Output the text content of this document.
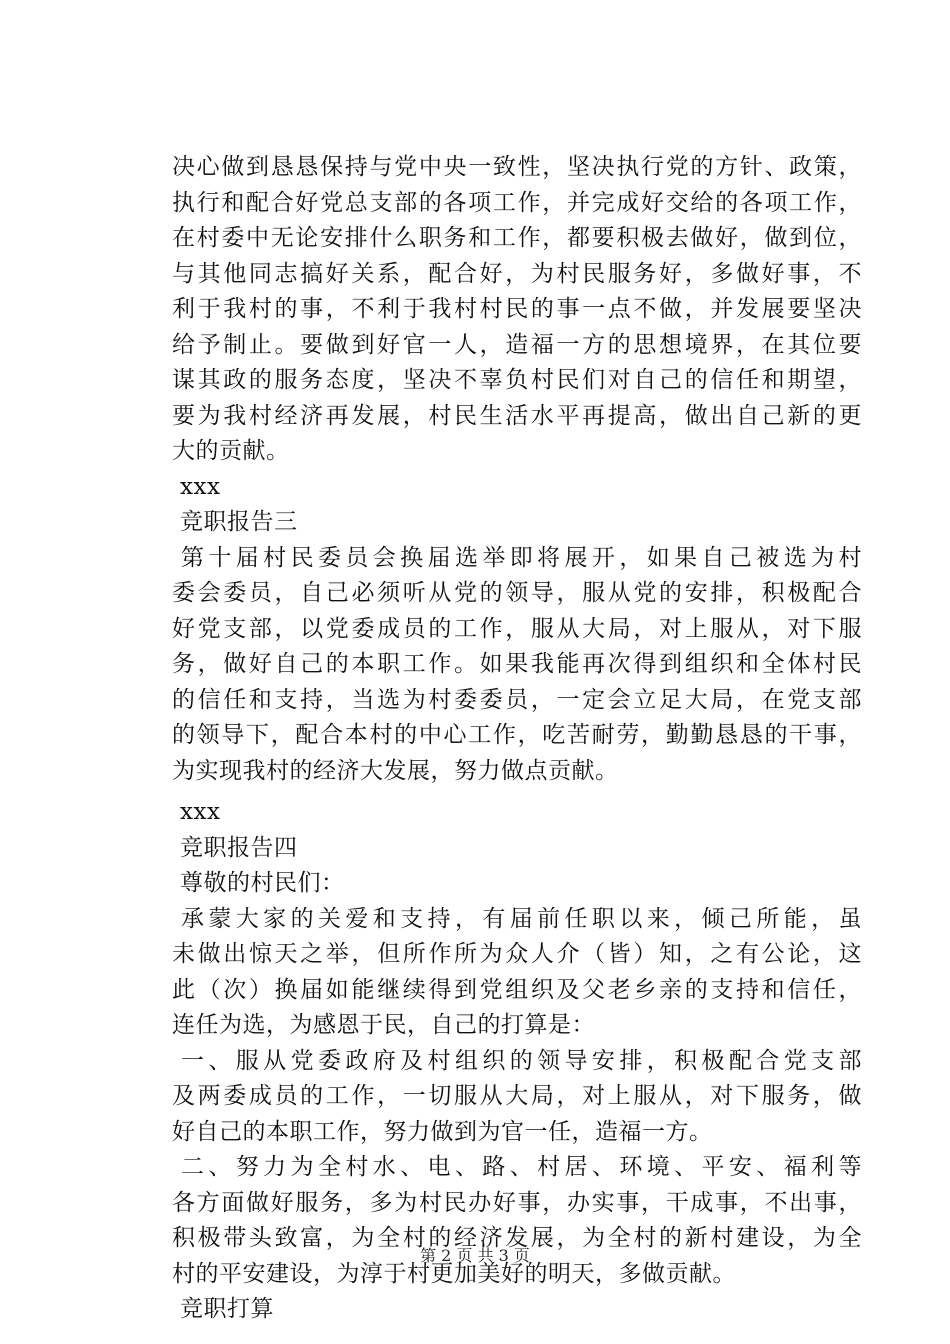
决心做到恳恳保持与党中央一致性，坚决执行党的方针、政策，
执行和配合好党总支部的各项工作，并完成好交给的各项工作，
在村委中无论安排什么职务和工作，都要积极去做好，做到位，
与其他同志搞好关系，配合好，为村民服务好，多做好事，不
利于我村的事，不利于我村村民的事一点不做，并发展要坚决
给予制止。要做到好官一人，造福一方的思想境界，在其位要
谋其政的服务态度，坚决不辜负村民们对自己的信任和期望，
要为我村经济再发展，村民生活水平再提高，做出自己新的更
大的贡献。
xxx
竞职报告三
第十届村民委员会换届选举即将展开，如果自己被选为村
委会委员，自己必须听从党的领导，服从党的安排，积极配合
好党支部，以党委成员的工作，服从大局，对上服从，对下服
务，做好自己的本职工作。如果我能再次得到组织和全体村民
的信任和支持，当选为村委委员，一定会立足大局，在党支部
的领导下，配合本村的中心工作，吃苦耐劳，勤勤恳恳的干事，
为实现我村的经济大发展，努力做点贡献。
xxx
竞职报告四
尊敬的村民们：
承蒙大家的关爱和支持，有届前任职以来，倾己所能，虽
未做出惊天之举，但所作所为众人介（皆）知，之有公论，这
此（次）换届如能继续得到党组织及父老乡亲的支持和信任，
连任为选，为感恩于民，自己的打算是：
第 2 页 共 3 页
一、服从党委政府及村组织的领导安排，积极配合党支部
及两委成员的工作，一切服从大局，对上服从，对下服务，做
好自己的本职工作，努力做到为官一任，造福一方。
二、努力为全村水、电、路、村居、环境、平安、福利等
各方面做好服务，多为村民办好事，办实事，干成事，不出事，
积极带头致富，为全村的经济发展，为全村的新村建设，为全
村的平安建设，为淳于村更加美好的明天，多做贡献。
竞职打算
